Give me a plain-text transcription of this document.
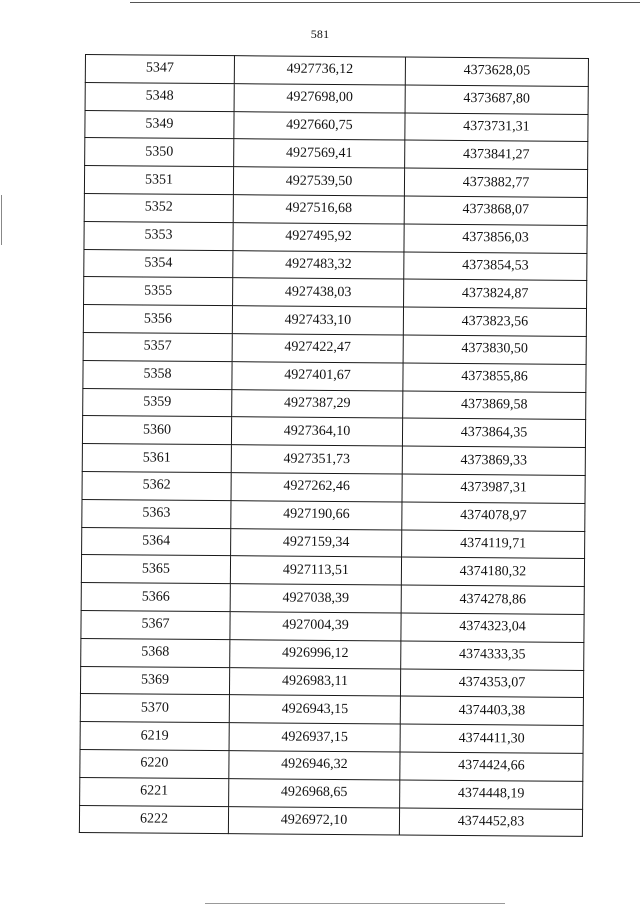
581
5347	4927736,12	4373628,05
5348	4927698,00	4373687,80
5349	4927660,75	4373731,31
5350	4927569,41	4373841,27
5351	4927539,50	4373882,77
5352	4927516,68	4373868,07
5353	4927495,92	4373856,03
5354	4927483,32	4373854,53
5355	4927438,03	4373824,87
5356	4927433,10	4373823,56
5357	4927422,47	4373830,50
5358	4927401,67	4373855,86
5359	4927387,29	4373869,58
5360	4927364,10	4373864,35
5361	4927351,73	4373869,33
5362	4927262,46	4373987,31
5363	4927190,66	4374078,97
5364	4927159,34	4374119,71
5365	4927113,51	4374180,32
5366	4927038,39	4374278,86
5367	4927004,39	4374323,04
5368	4926996,12	4374333,35
5369	4926983,11	4374353,07
5370	4926943,15	4374403,38
6219	4926937,15	4374411,30
6220	4926946,32	4374424,66
6221	4926968,65	4374448,19
6222	4926972,10	4374452,83
